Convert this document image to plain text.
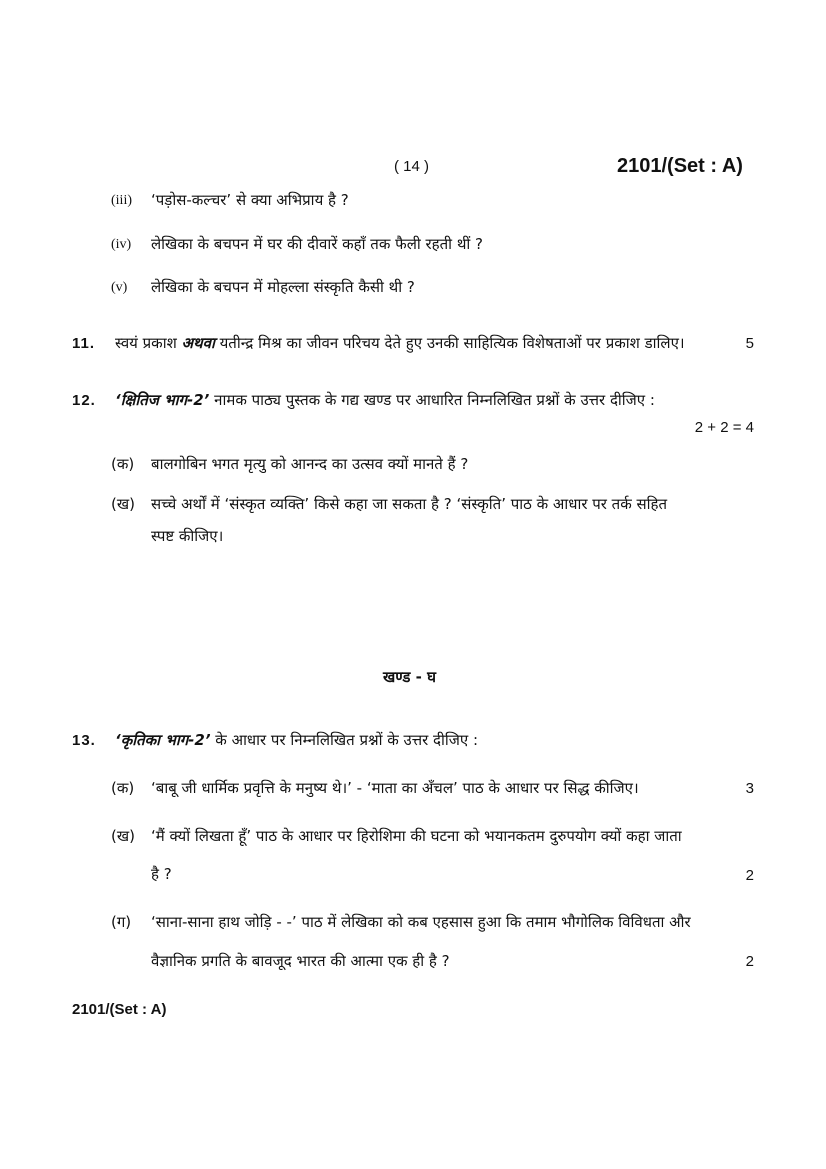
( 14 )	2101/(Set : A)
(iii) ‘पड़ोस-कल्चर’ से क्या अभिप्राय है ?
(iv) लेखिका के बचपन में घर की दीवारें कहाँ तक फैली रहती थीं ?
(v) लेखिका के बचपन में मोहल्ला संस्कृति कैसी थी ?
11. स्वयं प्रकाश अथवा यतीन्द्र मिश्र का जीवन परिचय देते हुए उनकी साहित्यिक विशेषताओं पर प्रकाश डालिए।	5
12. ‘क्षितिज भाग-2’ नामक पाठ्य पुस्तक के गद्य खण्ड पर आधारित निम्नलिखित प्रश्नों के उत्तर दीजिए :
2 + 2 = 4
(क) बालगोबिन भगत मृत्यु को आनन्द का उत्सव क्यों मानते हैं ?
(ख) सच्चे अर्थों में ‘संस्कृत व्यक्ति’ किसे कहा जा सकता है ? ‘संस्कृति’ पाठ के आधार पर तर्क सहित
स्पष्ट कीजिए।
खण्ड - घ
13. ‘कृतिका भाग-2’ के आधार पर निम्नलिखित प्रश्नों के उत्तर दीजिए :
(क) ‘बाबू जी धार्मिक प्रवृत्ति के मनुष्य थे।’ - ‘माता का अँचल’ पाठ के आधार पर सिद्ध कीजिए।	3
(ख) ‘मैं क्यों लिखता हूँ’ पाठ के आधार पर हिरोशिमा की घटना को भयानकतम दुरुपयोग क्यों कहा जाता
है ?	2
(ग) ‘साना-साना हाथ जोड़ि - -’ पाठ में लेखिका को कब एहसास हुआ कि तमाम भौगोलिक विविधता और
वैज्ञानिक प्रगति के बावजूद भारत की आत्मा एक ही है ?	2
2101/(Set : A)
